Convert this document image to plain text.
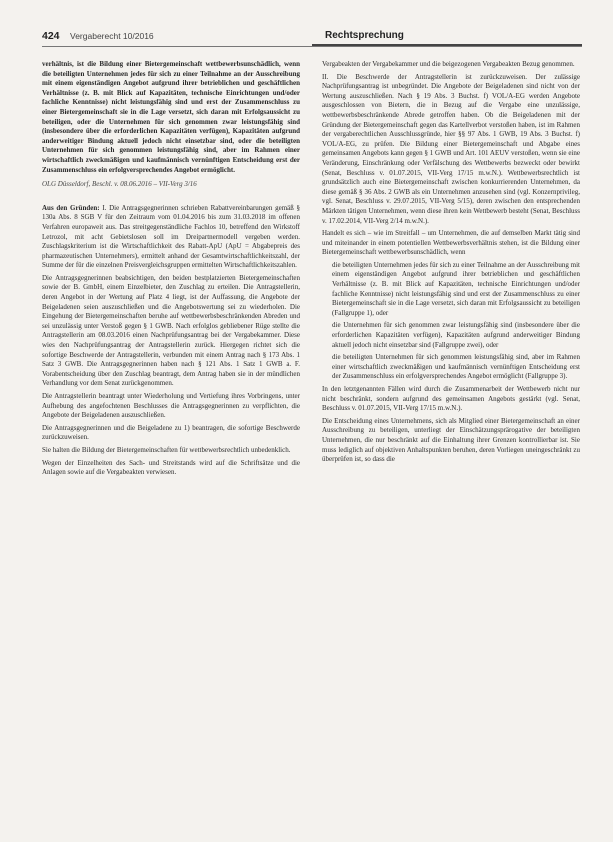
424 Vergaberecht 10/2016	Rechtsprechung

verhältnis, ist die Bildung einer Bietergemeinschaft wettbewerbsunschädlich, wenn die beteiligten Unternehmen jedes für sich zu einer Teilnahme an der Ausschreibung mit einem eigenständigen Angebot aufgrund ihrer betrieblichen und geschäftlichen Verhältnisse (z. B. mit Blick auf Kapazitäten, technische Einrichtungen und/oder fachliche Kenntnisse) nicht leistungsfähig sind und erst der Zusammenschluss zu einer Bietergemeinschaft sie in die Lage versetzt, sich daran mit Erfolgsaussicht zu beteiligen, oder die Unternehmen für sich genommen zwar leistungsfähig sind (insbesondere über die erforderlichen Kapazitäten verfügen), Kapazitäten aufgrund anderweitiger Bindung aktuell jedoch nicht einsetzbar sind, oder die beteiligten Unternehmen für sich genommen leistungsfähig sind, aber im Rahmen einer wirtschaftlich zweckmäßigen und kaufmännisch vernünftigen Entscheidung erst der Zusammenschluss ein erfolgversprechendes Angebot ermöglicht.

OLG Düsseldorf, Beschl. v. 08.06.2016 – VII-Verg 3/16

Aus den Gründen: I. Die Antragsgegnerinnen schrieben Rabattvereinbarungen gemäß § 130a Abs. 8 SGB V für den Zeitraum vom 01.04.2016 bis zum 31.03.2018 im offenen Verfahren europaweit aus. Das streitgegenständliche Fachlos 10, betreffend den Wirkstoff Letrozol, mit acht Gebietslosen soll im Dreipartnermodell vergeben werden. Zuschlagskriterium ist die Wirtschaftlichkeit des Rabatt-ApU (ApU = Abgabepreis des pharmazeutischen Unternehmers), ermittelt anhand der Gesamtwirtschaftlichkeitszahl, der Summe der für die einzelnen Preisvergleichsgruppen ermittelten Wirtschaftlichkeitszahlen.

Die Antragsgegnerinnen beabsichtigen, den beiden bestplatzierten Bietergemeinschaften sowie der B. GmbH, einem Einzelbieter, den Zuschlag zu erteilen. Die Antragstellerin, deren Angebot in der Wertung auf Platz 4 liegt, ist der Auffassung, die Angebote der Beigeladenen seien auszuschließen und die Angebotswertung sei zu wiederholen. Die Eingehung der Bietergemeinschaften beruhe auf wettbewerbsbeschränkenden Abreden und sei unzulässig unter Verstoß gegen § 1 GWB. Nach erfolglos gebliebener Rüge stellte die Antragstellerin am 08.03.2016 einen Nachprüfungsantrag bei der Vergabekammer. Diese wies den Nachprüfungsantrag der Antragstellerin zurück. Hiergegen richtet sich die sofortige Beschwerde der Antragstellerin, verbunden mit einem Antrag nach § 173 Abs. 1 Satz 3 GWB. Die Antragsgegnerinnen haben nach § 121 Abs. 1 Satz 1 GWB a. F. Vorabentscheidung über den Zuschlag beantragt, dem Antrag haben sie in der mündlichen Verhandlung vor dem Senat zurückgenommen.

Die Antragstellerin beantragt unter Wiederholung und Vertiefung ihres Vorbringens, unter Aufhebung des angefochtenen Beschlusses die Antragsgegnerinnen zu verpflichten, die Angebote der Beigeladenen auszuschließen.

Die Antragsgegnerinnen und die Beigeladene zu 1) beantragen, die sofortige Beschwerde zurückzuweisen.

Sie halten die Bildung der Bietergemeinschaften für wettbewerbsrechtlich unbedenklich.

Wegen der Einzelheiten des Sach- und Streitstands wird auf die Schriftsätze und die Anlagen sowie auf die Vergabeakten verwiesen.

Vergabeakten der Vergabekammer und die beigezogenen Vergabeakten Bezug genommen.

II. Die Beschwerde der Antragstellerin ist zurückzuweisen. Der zulässige Nachprüfungsantrag ist unbegründet. Die Angebote der Beigeladenen sind nicht von der Wertung auszuschließen. Nach § 19 Abs. 3 Buchst. f) VOL/A-EG werden Angebote ausgeschlossen von Bietern, die in Bezug auf die Vergabe eine unzulässige, wettbewerbsbeschränkende Abrede getroffen haben. Ob die Beigeladenen mit der Gründung der Bietergemeinschaft gegen das Kartellverbot verstoßen haben, ist im Rahmen der vergaberechtlichen Ausschlussgründe, hier §§ 97 Abs. 1 GWB, 19 Abs. 3 Buchst. f) VOL/A-EG, zu prüfen. Die Bildung einer Bietergemeinschaft und Abgabe eines gemeinsamen Angebots kann gegen § 1 GWB und Art. 101 AEUV verstoßen, wenn sie eine Veränderung, Einschränkung oder Verfälschung des Wettbewerbs bezweckt oder bewirkt (Senat, Beschluss v. 01.07.2015, VII-Verg 17/15 m.w.N.). Wettbewerbsrechtlich ist grundsätzlich auch eine Bietergemeinschaft zwischen konkurrierenden Unternehmen, da diese gemäß § 36 Abs. 2 GWB als ein Unternehmen anzusehen sind (vgl. Konzernprivileg, vgl. Senat, Beschluss v. 29.07.2015, VII-Verg 5/15), deren zwischen den entsprechenden Märkten tätigen Unternehmen, wenn diese ihren kein Wettbewerb besteht (Senat, Beschluss v. 17.02.2014, VII-Verg 2/14 m.w.N.).

Handelt es sich – wie im Streitfall – um Unternehmen, die auf demselben Markt tätig sind und miteinander in einem potentiellen Wettbewerbsverhältnis stehen, ist die Bildung einer Bietergemeinschaft wettbewerbsunschädlich, wenn

die beteiligten Unternehmen jedes für sich zu einer Teilnahme an der Ausschreibung mit einem eigenständigen Angebot aufgrund ihrer betrieblichen und geschäftlichen Verhältnisse (z. B. mit Blick auf Kapazitäten, technische Einrichtungen und/oder fachliche Kenntnisse) nicht leistungsfähig sind und erst der Zusammenschluss zu einer Bietergemeinschaft sie in die Lage versetzt, sich daran mit Erfolgsaussicht zu beteiligen (Fallgruppe 1), oder

die Unternehmen für sich genommen zwar leistungsfähig sind (insbesondere über die erforderlichen Kapazitäten verfügen), Kapazitäten aufgrund anderweitiger Bindung aktuell jedoch nicht einsetzbar sind (Fallgruppe zwei), oder

die beteiligten Unternehmen für sich genommen leistungsfähig sind, aber im Rahmen einer wirtschaftlich zweckmäßigen und kaufmännisch vernünftigen Entscheidung erst der Zusammenschluss ein erfolgversprechendes Angebot ermöglicht (Fallgruppe 3).

In den letztgenannten Fällen wird durch die Zusammenarbeit der Wettbewerb nicht nur nicht beschränkt, sondern aufgrund des gemeinsamen Angebots gestärkt (vgl. Senat, Beschluss v. 01.07.2015, VII-Verg 17/15 m.w.N.).

Die Entscheidung eines Unternehmens, sich als Mitglied einer Bietergemeinschaft an einer Ausschreibung zu beteiligen, unterliegt der Einschätzungsprärogative der beteiligten Unternehmen, die nur beschränkt auf die Einhaltung ihrer Grenzen kontrollierbar ist. Sie muss lediglich auf objektiven Anhaltspunkten beruhen, deren Vorliegen uneingeschränkt zu überprüfen ist, so dass die
